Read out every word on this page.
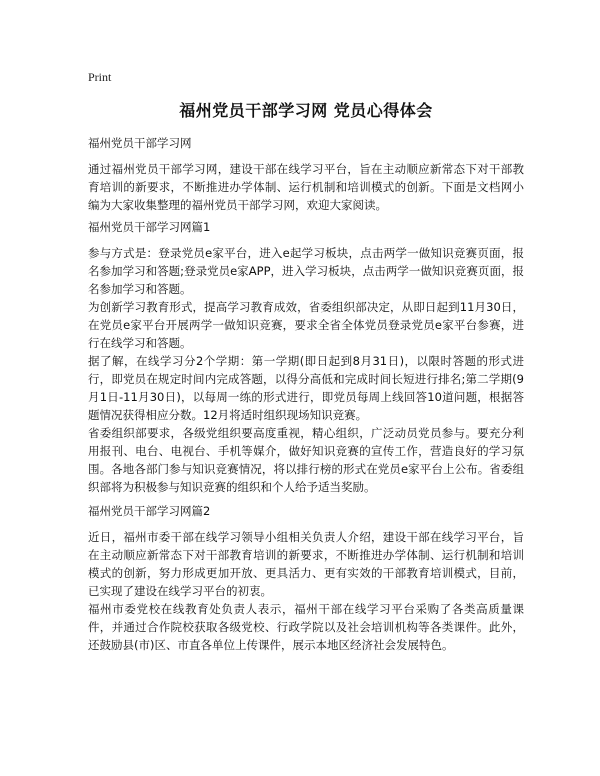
Print
福州党员干部学习网 党员心得体会

福州党员干部学习网

通过福州党员干部学习网，建设干部在线学习平台，旨在主动顺应新常态下对干部教育培训的新要求，不断推进办学体制、运行机制和培训模式的创新。下面是文档网小编为大家收集整理的福州党员干部学习网，欢迎大家阅读。

福州党员干部学习网篇1

参与方式是：登录党员e家平台，进入e起学习板块，点击两学一做知识竞赛页面，报名参加学习和答题;登录党员e家APP，进入学习板块，点击两学一做知识竞赛页面，报名参加学习和答题。

为创新学习教育形式，提高学习教育成效，省委组织部决定，从即日起到11月30日，在党员e家平台开展两学一做知识竞赛，要求全省全体党员登录党员e家平台参赛，进行在线学习和答题。

据了解，在线学习分2个学期：第一学期(即日起到8月31日)，以限时答题的形式进行，即党员在规定时间内完成答题，以得分高低和完成时间长短进行排名;第二学期(9月1日-11月30日)，以每周一练的形式进行，即党员每周上线回答10道问题，根据答题情况获得相应分数。12月将适时组织现场知识竞赛。

省委组织部要求，各级党组织要高度重视，精心组织，广泛动员党员参与。要充分利用报刊、电台、电视台、手机等媒介，做好知识竞赛的宣传工作，营造良好的学习氛围。各地各部门参与知识竞赛情况，将以排行榜的形式在党员e家平台上公布。省委组织部将为积极参与知识竞赛的组织和个人给予适当奖励。

福州党员干部学习网篇2

近日，福州市委干部在线学习领导小组相关负责人介绍，建设干部在线学习平台，旨在主动顺应新常态下对干部教育培训的新要求，不断推进办学体制、运行机制和培训模式的创新，努力形成更加开放、更具活力、更有实效的干部教育培训模式，目前，已实现了建设在线学习平台的初衷。

福州市委党校在线教育处负责人表示，福州干部在线学习平台采购了各类高质量课件，并通过合作院校获取各级党校、行政学院以及社会培训机构等各类课件。此外，还鼓励县(市)区、市直各单位上传课件，展示本地区经济社会发展特色。
